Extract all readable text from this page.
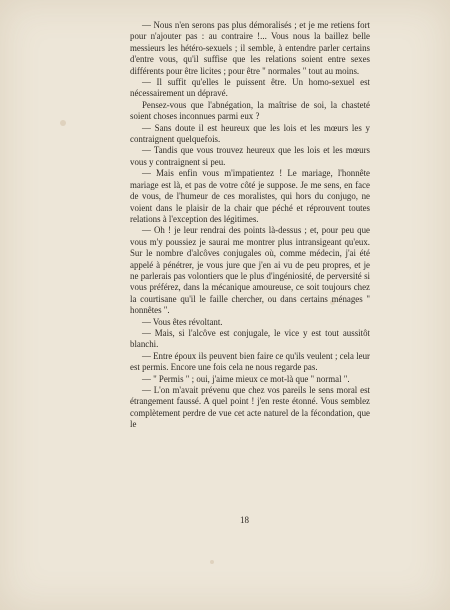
— Nous n'en serons pas plus démoralisés ; et je me retiens fort pour n'ajouter pas : au contraire !... Vous nous la baillez belle messieurs les hétéro-sexuels ; il semble, à entendre parler certains d'entre vous, qu'il suffise que les relations soient entre sexes différents pour être licites ; pour être " normales " tout au moins.

— Il suffit qu'elles le puissent être. Un homo-sexuel est nécessairement un dépravé.

Pensez-vous que l'abnégation, la maîtrise de soi, la chasteté soient choses inconnues parmi eux ?

— Sans doute il est heureux que les lois et les mœurs les y contraignent quelquefois.

— Tandis que vous trouvez heureux que les lois et les mœurs vous y contraignent si peu.

— Mais enfin vous m'impatientez ! Le mariage, l'honnête mariage est là, et pas de votre côté je suppose. Je me sens, en face de vous, de l'humeur de ces moralistes, qui hors du conjugo, ne voient dans le plaisir de la chair que péché et réprouvent toutes relations à l'exception des légitimes.

— Oh ! je leur rendrai des points là-dessus ; et, pour peu que vous m'y poussiez je saurai me montrer plus intransigeant qu'eux. Sur le nombre d'alcôves conjugales où, comme médecin, j'ai été appelé à pénétrer, je vous jure que j'en ai vu de peu propres, et je ne parlerais pas volontiers que le plus d'ingéniosité, de perversité si vous préférez, dans la mécanique amoureuse, ce soit toujours chez la courtisane qu'il le faille chercher, ou dans certains ménages " honnêtes ".

— Vous êtes révoltant.

— Mais, si l'alcôve est conjugale, le vice y est tout aussitôt blanchi.

— Entre époux ils peuvent bien faire ce qu'ils veulent ; cela leur est permis. Encore une fois cela ne nous regarde pas.

— " Permis " ; oui, j'aime mieux ce mot-là que " normal ".

— L'on m'avait prévenu que chez vos pareils le sens moral est étrangement faussé. A quel point ! j'en reste étonné. Vous semblez complètement perdre de vue cet acte naturel de la fécondation, que le

18
